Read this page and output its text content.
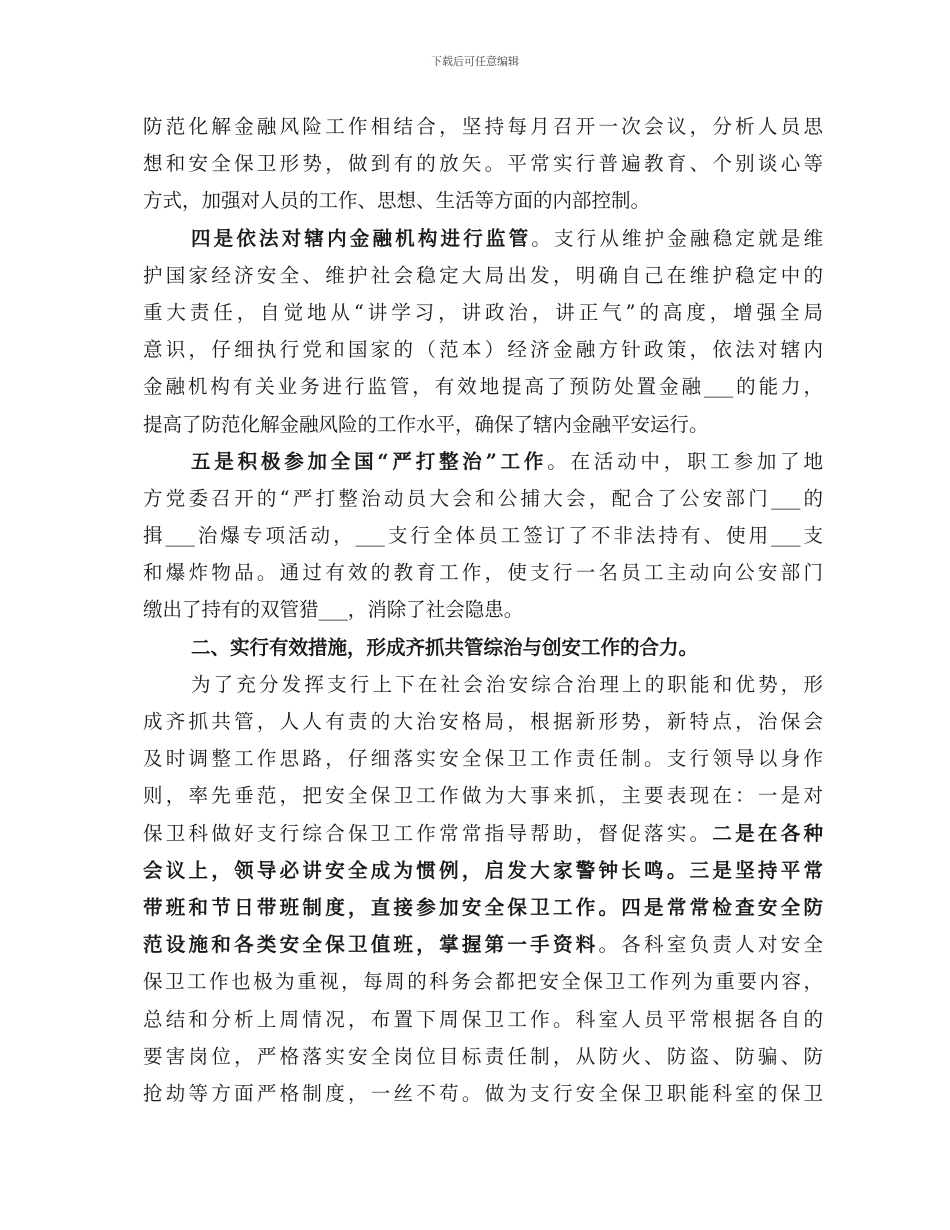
下载后可任意编辑
防范化解金融风险工作相结合，坚持每月召开一次会议，分析人员思
想和安全保卫形势，做到有的放矢。平常实行普遍教育、个别谈心等
方式，加强对人员的工作、思想、生活等方面的内部控制。
四是依法对辖内金融机构进行监管。支行从维护金融稳定就是维
护国家经济安全、维护社会稳定大局出发，明确自己在维护稳定中的
重大责任，自觉地从“讲学习，讲政治，讲正气”的高度，增强全局
意识，仔细执行党和国家的（范本）经济金融方针政策，依法对辖内
金融机构有关业务进行监管，有效地提高了预防处置金融___的能力，
提高了防范化解金融风险的工作水平，确保了辖内金融平安运行。
五是积极参加全国“严打整治”工作。在活动中，职工参加了地
方党委召开的“严打整治动员大会和公捕大会，配合了公安部门___的
揖___治爆专项活动，___支行全体员工签订了不非法持有、使用___支
和爆炸物品。通过有效的教育工作，使支行一名员工主动向公安部门
缴出了持有的双管猎___，消除了社会隐患。
二、实行有效措施，形成齐抓共管综治与创安工作的合力。
为了充分发挥支行上下在社会治安综合治理上的职能和优势，形
成齐抓共管，人人有责的大治安格局，根据新形势，新特点，治保会
及时调整工作思路，仔细落实安全保卫工作责任制。支行领导以身作
则，率先垂范，把安全保卫工作做为大事来抓，主要表现在：一是对
保卫科做好支行综合保卫工作常常指导帮助，督促落实。二是在各种
会议上，领导必讲安全成为惯例，启发大家警钟长鸣。三是坚持平常
带班和节日带班制度，直接参加安全保卫工作。四是常常检查安全防
范设施和各类安全保卫值班，掌握第一手资料。各科室负责人对安全
保卫工作也极为重视，每周的科务会都把安全保卫工作列为重要内容，
总结和分析上周情况，布置下周保卫工作。科室人员平常根据各自的
要害岗位，严格落实安全岗位目标责任制，从防火、防盗、防骗、防
抢劫等方面严格制度，一丝不苟。做为支行安全保卫职能科室的保卫
